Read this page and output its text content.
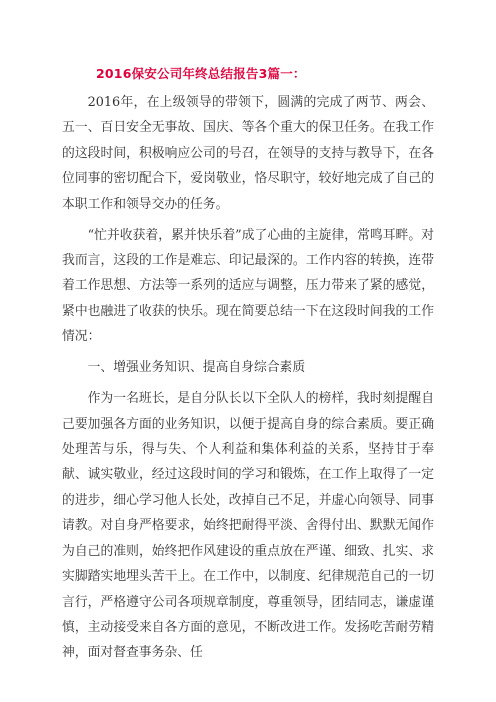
2016保安公司年终总结报告3篇一：

2016年，在上级领导的带领下，圆满的完成了两节、两会、五一、百日安全无事故、国庆、等各个重大的保卫任务。在我工作的这段时间，积极响应公司的号召，在领导的支持与教导下，在各位同事的密切配合下，爱岗敬业，恪尽职守，较好地完成了自己的本职工作和领导交办的任务。

“忙并收获着，累并快乐着”成了心曲的主旋律，常鸣耳畔。对我而言，这段的工作是难忘、印记最深的。工作内容的转换，连带着工作思想、方法等一系列的适应与调整，压力带来了紧的感觉，紧中也融进了收获的快乐。现在简要总结一下在这段时间我的工作情况：

一、增强业务知识、提高自身综合素质

作为一名班长，是自分队长以下全队人的榜样，我时刻提醒自己要加强各方面的业务知识，以便于提高自身的综合素质。要正确处理苦与乐，得与失、个人利益和集体利益的关系，坚持甘于奉献、诚实敬业，经过这段时间的学习和锻炼，在工作上取得了一定的进步，细心学习他人长处，改掉自己不足，并虚心向领导、同事请教。对自身严格要求，始终把耐得平淡、舍得付出、默默无闻作为自己的准则，始终把作风建设的重点放在严谨、细致、扎实、求实脚踏实地埋头苦干上。在工作中，以制度、纪律规范自己的一切言行，严格遵守公司各项规章制度，尊重领导，团结同志，谦虚谨慎，主动接受来自各方面的意见，不断改进工作。发扬吃苦耐劳精神，面对督查事务杂、任
